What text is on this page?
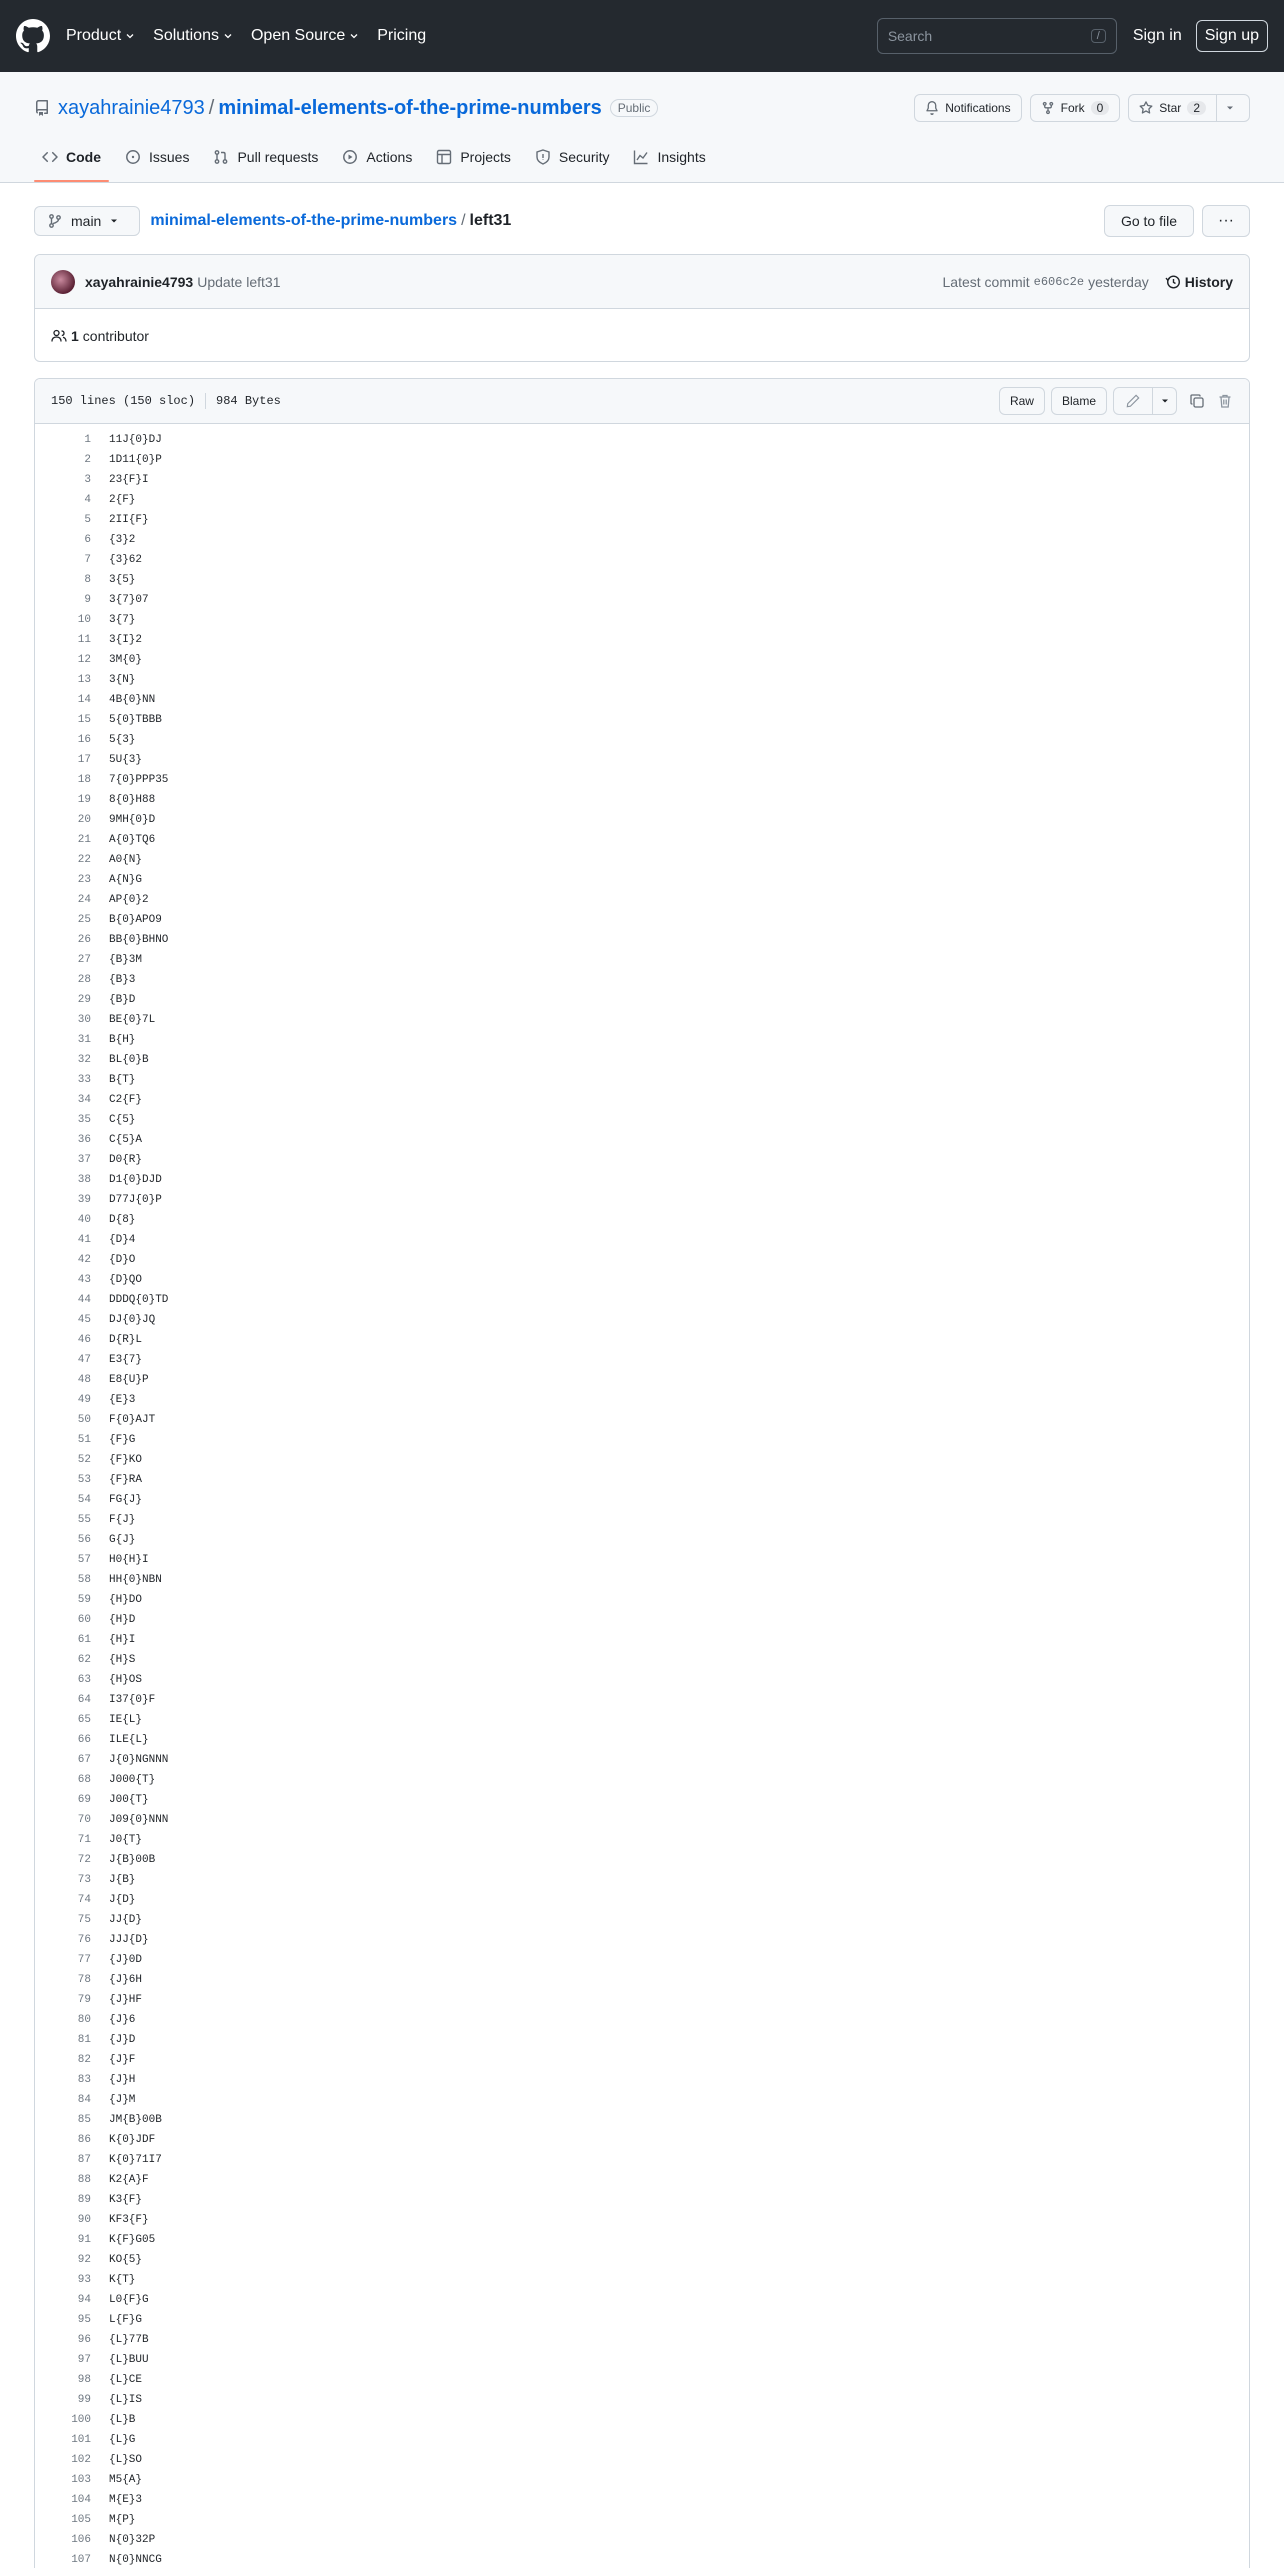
Product Solutions Open Source Pricing	Search	/	Sign in	Sign up
xayahrainie4793 / minimal-elements-of-the-prime-numbers	Public	Notifications	Fork	0	Star	2
Code	Issues	Pull requests	Actions	Projects	Security	Insights
main	minimal-elements-of-the-prime-numbers / left31	Go to file	···
xayahrainie4793 Update left31	Latest commit e606c2e yesterday	History
1 contributor
150 lines (150 sloc) 984 Bytes	Raw	Blame
1	11J{0}DJ
2	1D11{0}P
3	23{F}I
4	2{F}
5	2II{F}
6	{3}2
7	{3}62
8	3{5}
9	3{7}07
10	3{7}
11	3{I}2
12	3M{0}
13	3{N}
14	4B{0}NN
15	5{0}TBBB
16	5{3}
17	5U{3}
18	7{0}PPP35
19	8{0}H88
20	9MH{0}D
21	A{0}TQ6
22	A0{N}
23	A{N}G
24	AP{0}2
25	B{0}APO9
26	BB{0}BHNO
27	{B}3M
28	{B}3
29	{B}D
30	BE{0}7L
31	B{H}
32	BL{0}B
33	B{T}
34	C2{F}
35	C{5}
36	C{5}A
37	D0{R}
38	D1{0}DJD
39	D77J{0}P
40	D{8}
41	{D}4
42	{D}O
43	{D}QO
44	DDDQ{0}TD
45	DJ{0}JQ
46	D{R}L
47	E3{7}
48	E8{U}P
49	{E}3
50	F{0}AJT
51	{F}G
52	{F}KO
53	{F}RA
54	FG{J}
55	F{J}
56	G{J}
57	H0{H}I
58	HH{0}NBN
59	{H}DO
60	{H}D
61	{H}I
62	{H}S
63	{H}OS
64	I37{0}F
65	IE{L}
66	ILE{L}
67	J{0}NGNNN
68	J000{T}
69	J00{T}
70	J09{0}NNN
71	J0{T}
72	J{B}00B
73	J{B}
74	J{D}
75	JJ{D}
76	JJJ{D}
77	{J}0D
78	{J}6H
79	{J}HF
80	{J}6
81	{J}D
82	{J}F
83	{J}H
84	{J}M
85	JM{B}00B
86	K{0}JDF
87	K{0}71I7
88	K2{A}F
89	K3{F}
90	KF3{F}
91	K{F}G05
92	KO{5}
93	K{T}
94	L0{F}G
95	L{F}G
96	{L}77B
97	{L}BUU
98	{L}CE
99	{L}IS
100	{L}B
101	{L}G
102	{L}SO
103	M5{A}
104	M{E}3
105	M{P}
106	N{0}32P
107	N{0}NNCG
